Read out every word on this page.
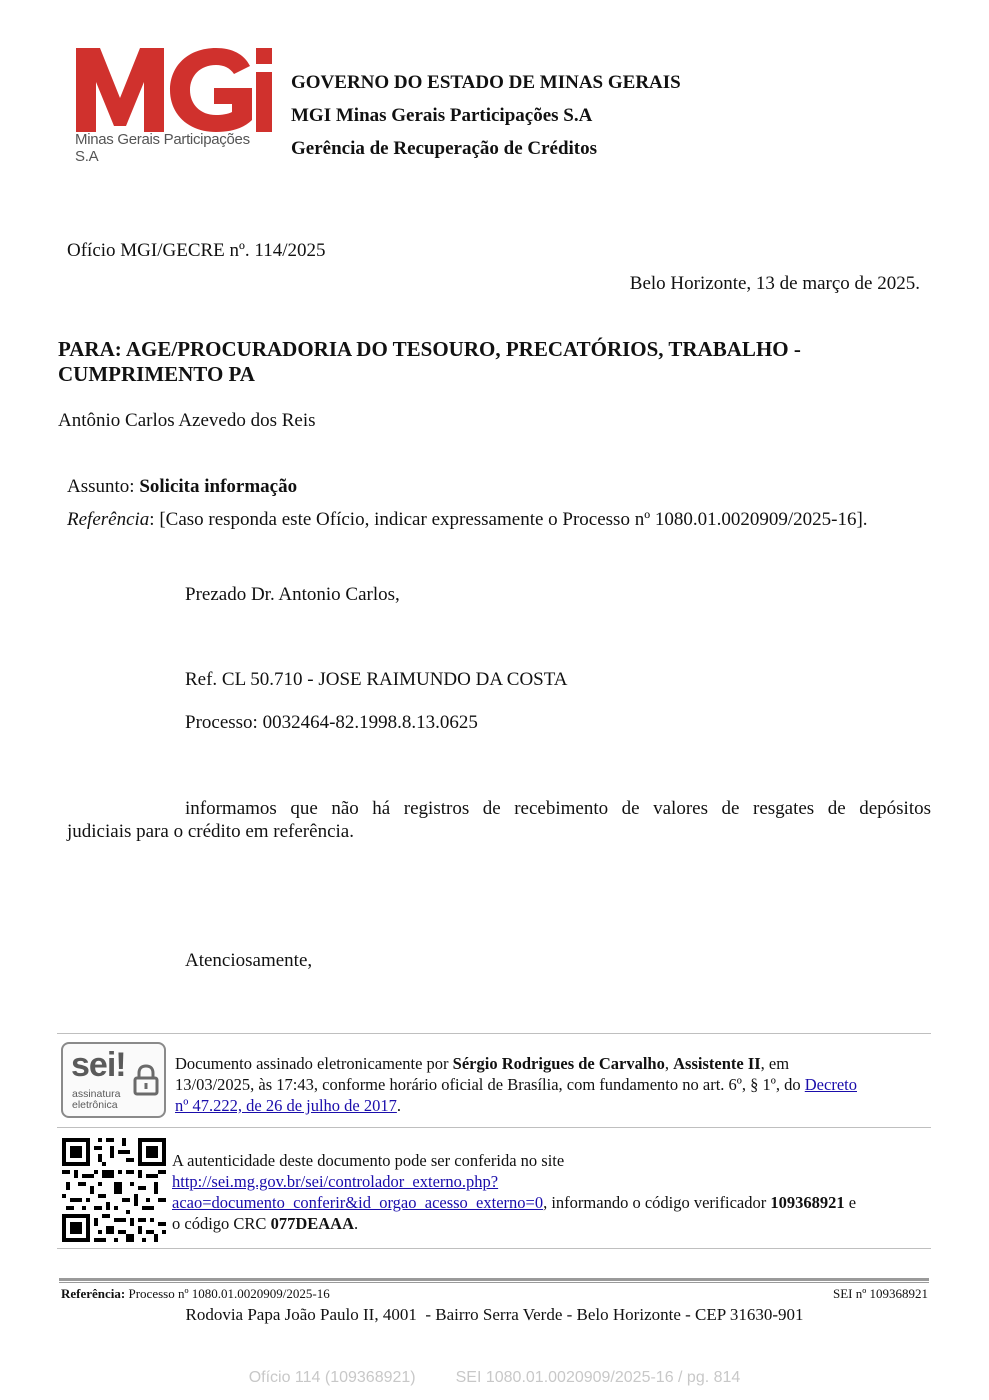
Minas Gerais Participações S.A
GOVERNO DO ESTADO DE MINAS GERAIS
MGI Minas Gerais Participações S.A
Gerência de Recuperação de Créditos
Ofício MGI/GECRE nº. 114/2025
Belo Horizonte, 13 de março de 2025.
PARA: AGE/PROCURADORIA DO TESOURO, PRECATÓRIOS, TRABALHO -
CUMPRIMENTO PA
Antônio Carlos Azevedo dos Reis
Assunto: Solicita informação
Referência: [Caso responda este Ofício, indicar expressamente o Processo nº 1080.01.0020909/2025-16].
Prezado Dr. Antonio Carlos,
Ref. CL 50.710 - JOSE RAIMUNDO DA COSTA
Processo: 0032464-82.1998.8.13.0625
informamos que não há registros de recebimento de valores de resgates de depósitos
judiciais para o crédito em referência.
Atenciosamente,
sei!
assinatura
eletrônica
Documento assinado eletronicamente por Sérgio Rodrigues de Carvalho, Assistente II, em
13/03/2025, às 17:43, conforme horário oficial de Brasília, com fundamento no art. 6º, § 1º, do Decreto
nº 47.222, de 26 de julho de 2017.
A autenticidade deste documento pode ser conferida no site
http://sei.mg.gov.br/sei/controlador_externo.php?
acao=documento_conferir&id_orgao_acesso_externo=0, informando o código verificador 109368921 e
o código CRC 077DEAAA.
Referência: Processo nº 1080.01.0020909/2025-16	SEI nº 109368921
Rodovia Papa João Paulo II, 4001  - Bairro Serra Verde - Belo Horizonte - CEP 31630-901
Ofício 114 (109368921)         SEI 1080.01.0020909/2025-16 / pg. 814
